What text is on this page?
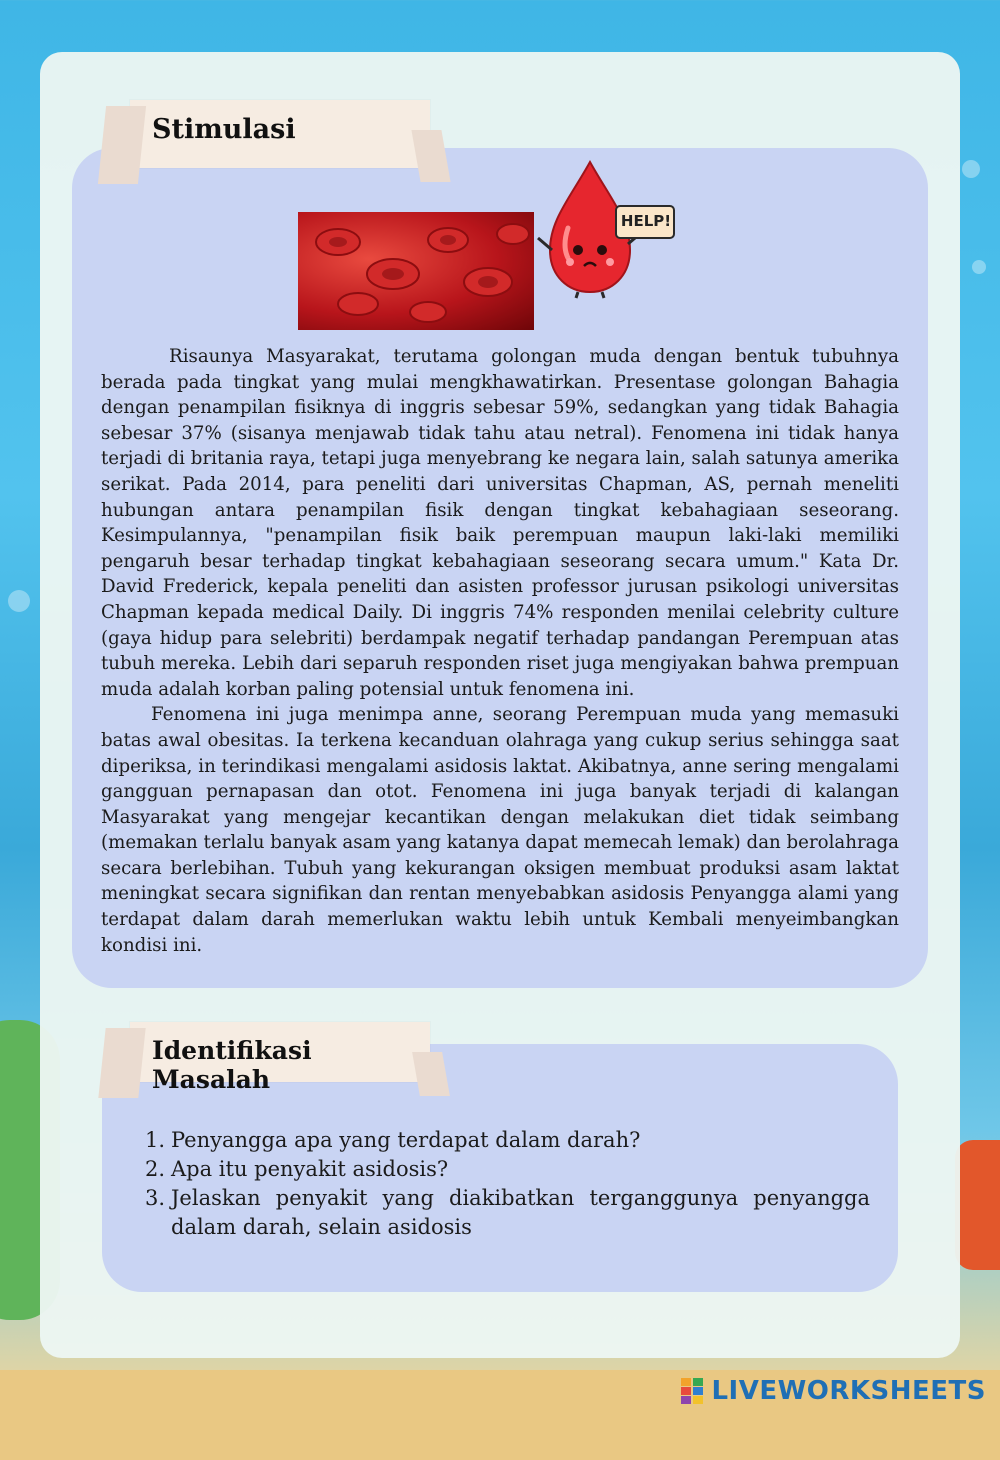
Stimulasi
HELP!

Risaunya Masyarakat, terutama golongan muda dengan bentuk tubuhnya berada pada tingkat yang mulai mengkhawatirkan. Presentase golongan Bahagia dengan penampilan fisiknya di inggris sebesar 59%, sedangkan yang tidak Bahagia sebesar 37% (sisanya menjawab tidak tahu atau netral). Fenomena ini tidak hanya terjadi di britania raya, tetapi juga menyebrang ke negara lain, salah satunya amerika serikat. Pada 2014, para peneliti dari universitas Chapman, AS, pernah meneliti hubungan antara penampilan fisik dengan tingkat kebahagiaan seseorang. Kesimpulannya, "penampilan fisik baik perempuan maupun laki-laki memiliki pengaruh besar terhadap tingkat kebahagiaan seseorang secara umum." Kata Dr. David Frederick, kepala peneliti dan asisten professor jurusan psikologi universitas Chapman kepada medical Daily. Di inggris 74% responden menilai celebrity culture (gaya hidup para selebriti) berdampak negatif terhadap pandangan Perempuan atas tubuh mereka. Lebih dari separuh responden riset juga mengiyakan bahwa prempuan muda adalah korban paling potensial untuk fenomena ini.

Fenomena ini juga menimpa anne, seorang Perempuan muda yang memasuki batas awal obesitas. Ia terkena kecanduan olahraga yang cukup serius sehingga saat diperiksa, in terindikasi mengalami asidosis laktat. Akibatnya, anne sering mengalami gangguan pernapasan dan otot. Fenomena ini juga banyak terjadi di kalangan Masyarakat yang mengejar kecantikan dengan melakukan diet tidak seimbang (memakan terlalu banyak asam yang katanya dapat memecah lemak) dan berolahraga secara berlebihan. Tubuh yang kekurangan oksigen membuat produksi asam laktat meningkat secara signifikan dan rentan menyebabkan asidosis Penyangga alami yang terdapat dalam darah memerlukan waktu lebih untuk Kembali menyeimbangkan kondisi ini.

Identifikasi Masalah
1. Penyangga apa yang terdapat dalam darah?
2. Apa itu penyakit asidosis?
3. Jelaskan penyakit yang diakibatkan terganggunya penyangga dalam darah, selain asidosis
LIVEWORKSHEETS
